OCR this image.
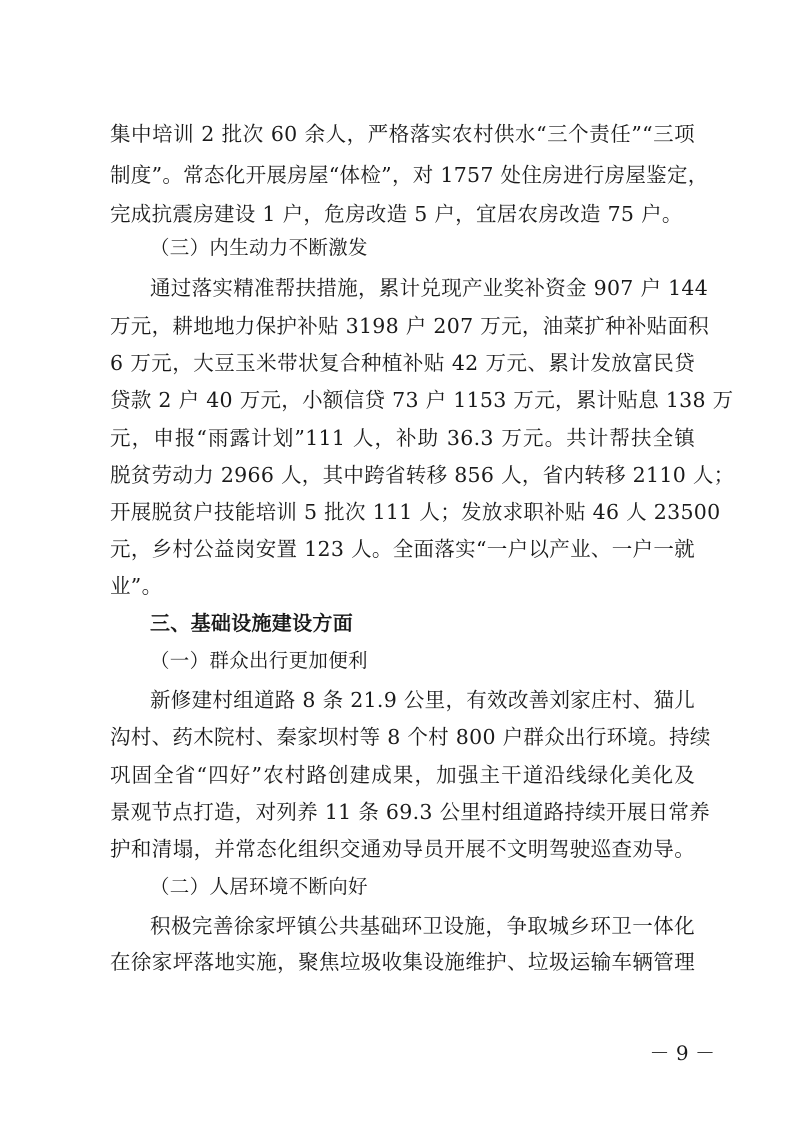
集中培训 2 批次 60 余人，严格落实农村供水“三个责任”“三项
制度”。常态化开展房屋“体检”，对 1757 处住房进行房屋鉴定，
完成抗震房建设 1 户，危房改造 5 户，宜居农房改造 75 户。
（三）内生动力不断激发
通过落实精准帮扶措施，累计兑现产业奖补资金 907 户 144
万元，耕地地力保护补贴 3198 户 207 万元，油菜扩种补贴面积
6 万元，大豆玉米带状复合种植补贴 42 万元、累计发放富民贷
贷款 2 户 40 万元，小额信贷 73 户 1153 万元，累计贴息 138 万
元，申报“雨露计划”111 人，补助 36.3 万元。共计帮扶全镇
脱贫劳动力 2966 人，其中跨省转移 856 人，省内转移 2110 人；
开展脱贫户技能培训 5 批次 111 人；发放求职补贴 46 人 23500
元，乡村公益岗安置 123 人。全面落实“一户以产业、一户一就
业”。
三、基础设施建设方面
（一）群众出行更加便利
新修建村组道路 8 条 21.9 公里，有效改善刘家庄村、猫儿
沟村、药木院村、秦家坝村等 8 个村 800 户群众出行环境。持续
巩固全省“四好”农村路创建成果，加强主干道沿线绿化美化及
景观节点打造，对列养 11 条 69.3 公里村组道路持续开展日常养
护和清塌，并常态化组织交通劝导员开展不文明驾驶巡查劝导。
（二）人居环境不断向好
积极完善徐家坪镇公共基础环卫设施，争取城乡环卫一体化
在徐家坪落地实施，聚焦垃圾收集设施维护、垃圾运输车辆管理
－ 9 －
